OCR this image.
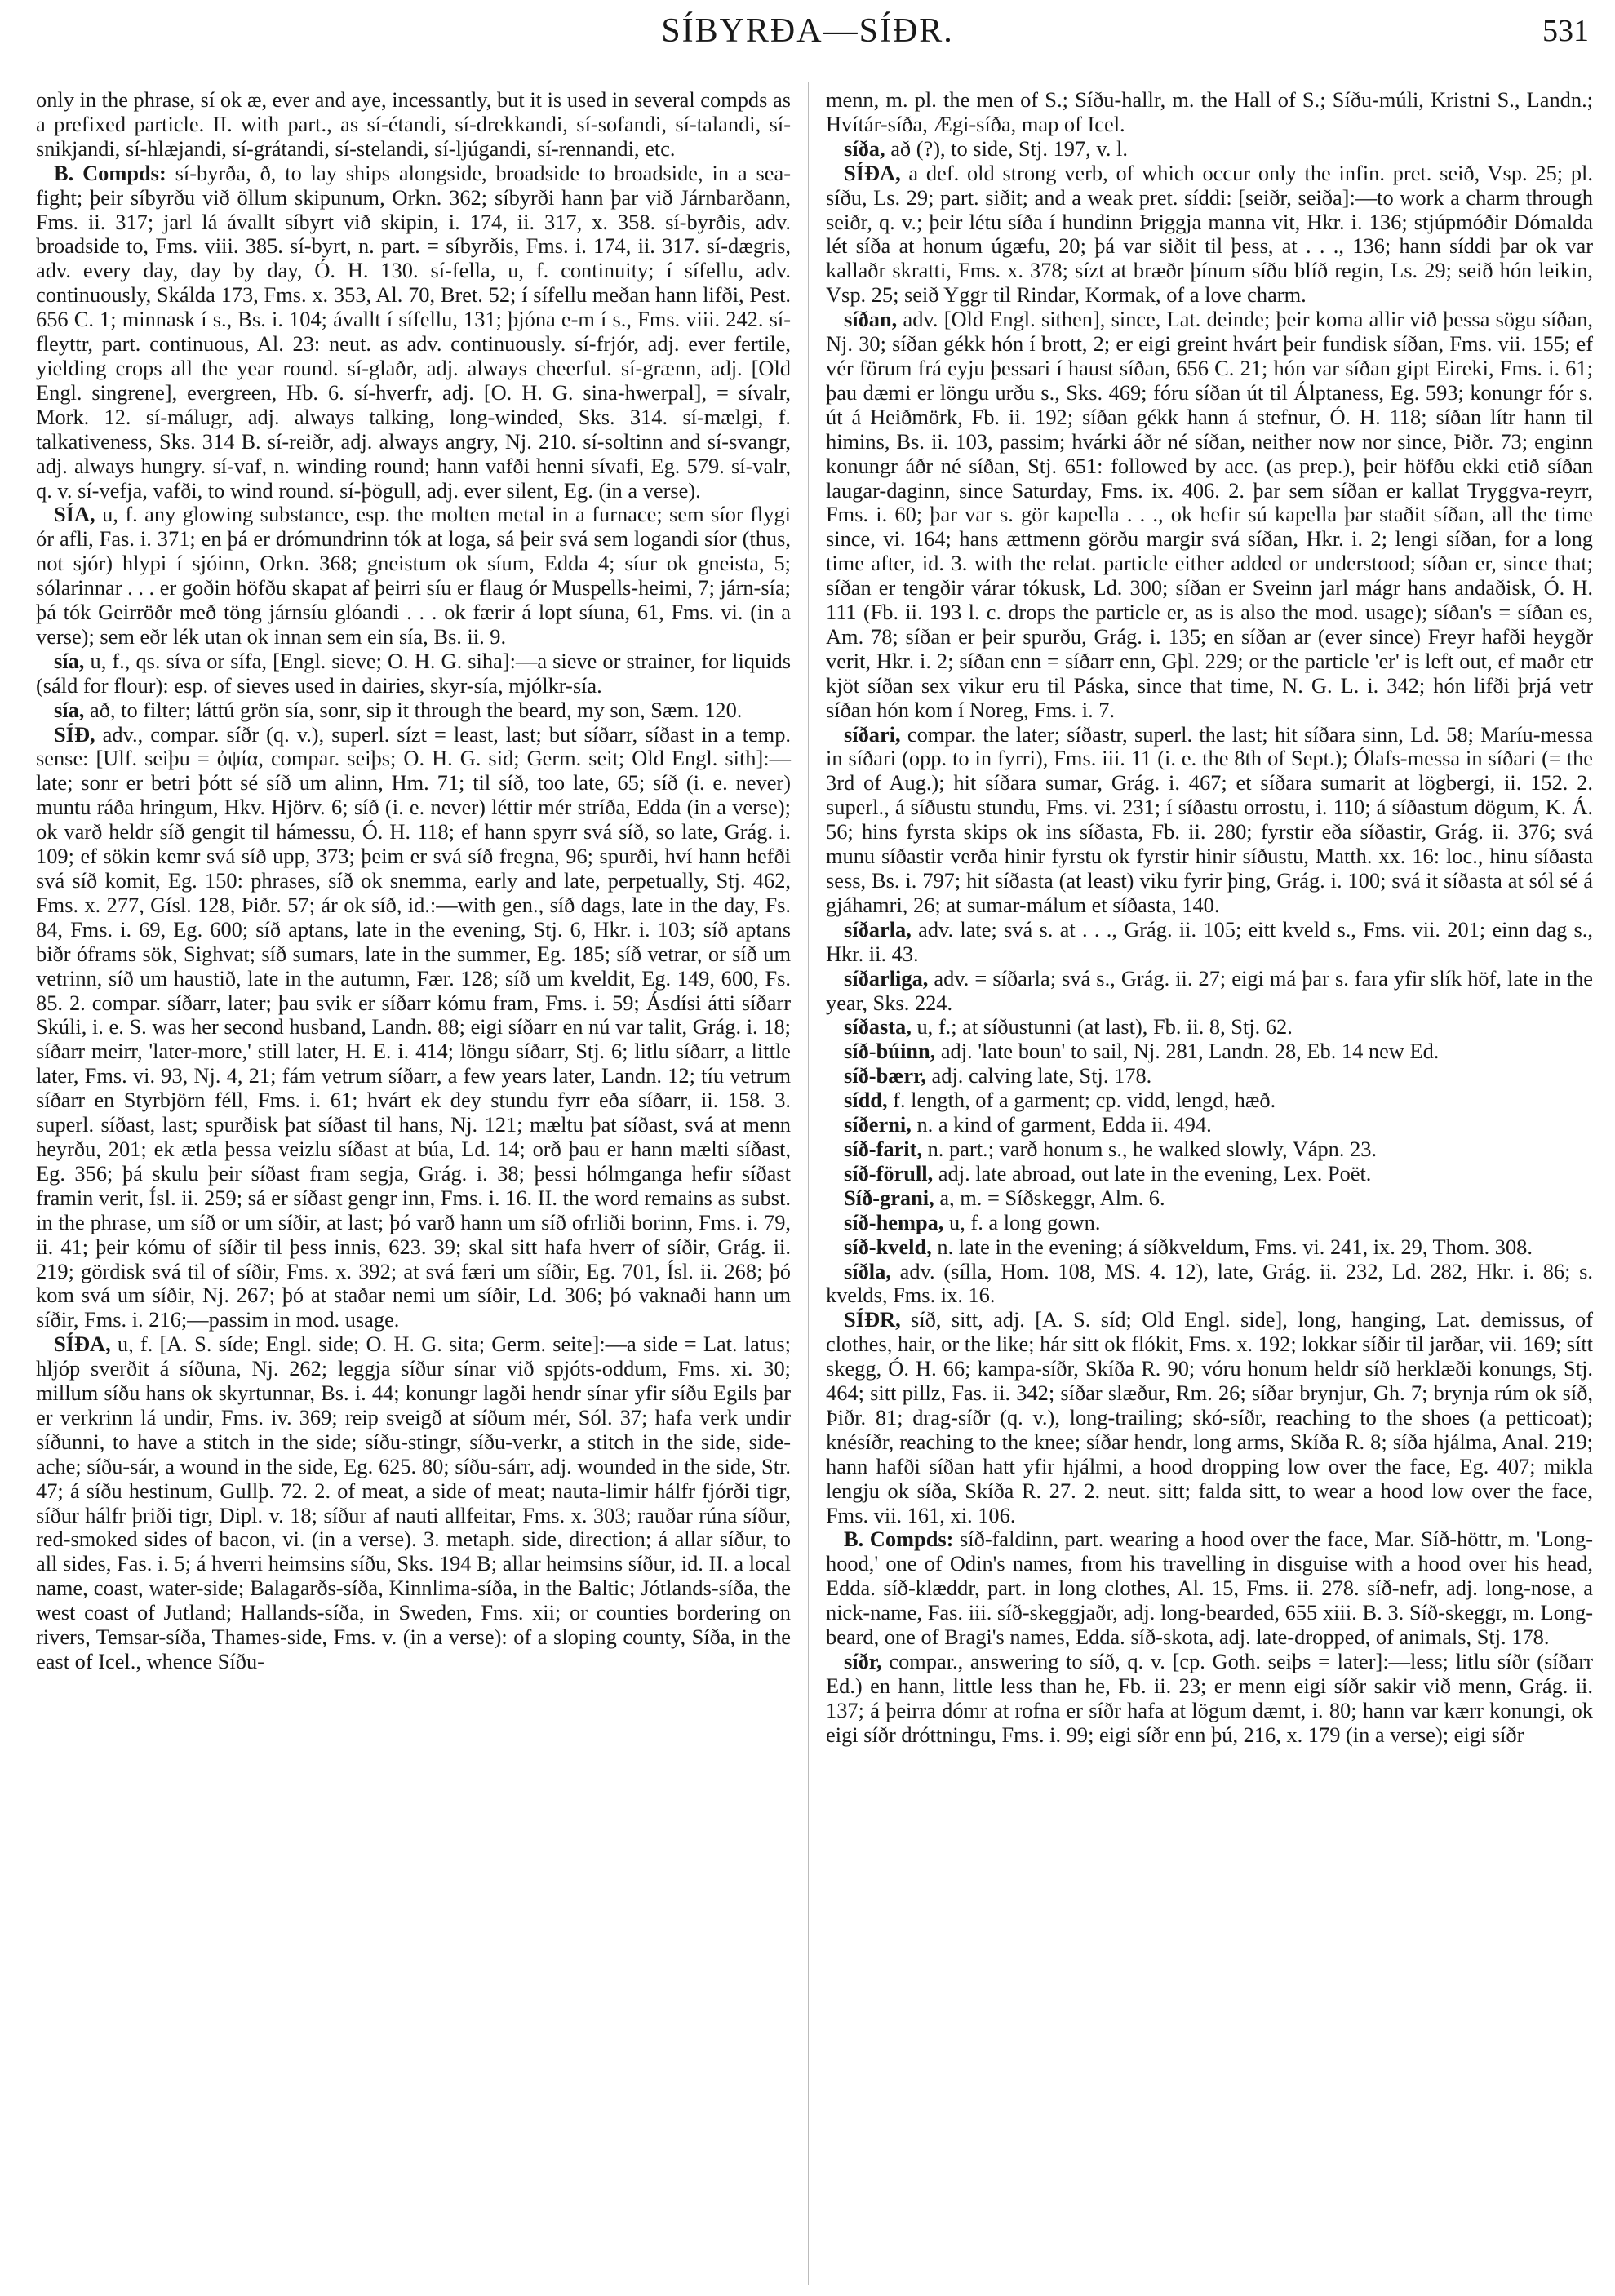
SÍBYRÐA—SÍÐR.	531

only in the phrase, sí ok æ, ever and aye, incessantly, but it is used in several compds as a prefixed particle. II. with part., as sí-étandi, sí-drekkandi, sí-sofandi, sí-talandi, sí-snikjandi, sí-hlæjandi, sí-grátandi, sí-stelandi, sí-ljúgandi, sí-rennandi, etc.

B. Compds: sí-byrða, ð, to lay ships alongside, broadside to broadside, in a sea-fight; þeir síbyrðu við öllum skipunum, Orkn. 362; síbyrði hann þar við Járnbarðann, Fms. ii. 317; jarl lá ávallt síbyrt við skipin, i. 174, ii. 317, x. 358. sí-byrðis, adv. broadside to, Fms. viii. 385. sí-byrt, n. part. = síbyrðis, Fms. i. 174, ii. 317. sí-dægris, adv. every day, day by day, Ó. H. 130. sí-fella, u, f. continuity; í sífellu, adv. continuously, Skálda 173, Fms. x. 353, Al. 70, Bret. 52; í sífellu meðan hann lifði, Pest. 656 C. 1; minnask í s., Bs. i. 104; ávallt í sífellu, 131; þjóna e-m í s., Fms. viii. 242. sí-fleyttr, part. continuous, Al. 23: neut. as adv. continuously. sí-frjór, adj. ever fertile, yielding crops all the year round. sí-glaðr, adj. always cheerful. sí-grænn, adj. [Old Engl. singrene], evergreen, Hb. 6. sí-hverfr, adj. [O. H. G. sina-hwerpal], = sívalr, Mork. 12. sí-málugr, adj. always talking, long-winded, Sks. 314. sí-mælgi, f. talkativeness, Sks. 314 B. sí-reiðr, adj. always angry, Nj. 210. sí-soltinn and sí-svangr, adj. always hungry. sí-vaf, n. winding round; hann vafði henni sívafi, Eg. 579. sí-valr, q. v. sí-vefja, vafði, to wind round. sí-þögull, adj. ever silent, Eg. (in a verse).

SÍA, u, f. any glowing substance, esp. the molten metal in a furnace; sem síor flygi ór afli, Fas. i. 371; en þá er drómundrinn tók at loga, sá þeir svá sem logandi síor (thus, not sjór) hlypi í sjóinn, Orkn. 368; gneistum ok síum, Edda 4; síur ok gneista, 5; sólarinnar . . . er goðin höfðu skapat af þeirri síu er flaug ór Muspells-heimi, 7; járn-sía; þá tók Geirröðr með töng járnsíu glóandi . . . ok færir á lopt síuna, 61, Fms. vi. (in a verse); sem eðr lék utan ok innan sem ein sía, Bs. ii. 9.

sía, u, f., qs. síva or sífa, [Engl. sieve; O. H. G. siha]:—a sieve or strainer, for liquids (sáld for flour): esp. of sieves used in dairies, skyr-sía, mjólkr-sía.

sía, að, to filter; láttú grön sía, sonr, sip it through the beard, my son, Sæm. 120.

SÍÐ, adv., compar. síðr (q. v.), superl. sízt = least, last; but síðarr, síðast in a temp. sense: [Ulf. seiþu = ὀψία, compar. seiþs; O. H. G. sid; Germ. seit; Old Engl. sith]:—late; sonr er betri þótt sé síð um alinn, Hm. 71; til síð, too late, 65; síð (i. e. never) muntu ráða hringum, Hkv. Hjörv. 6; síð (i. e. never) léttir mér stríða, Edda (in a verse); ok varð heldr síð gengit til hámessu, Ó. H. 118; ef hann spyrr svá síð, so late, Grág. i. 109; ef sökin kemr svá síð upp, 373; þeim er svá síð fregna, 96; spurði, hví hann hefði svá síð komit, Eg. 150: phrases, síð ok snemma, early and late, perpetually, Stj. 462, Fms. x. 277, Gísl. 128, Þiðr. 57; ár ok síð, id.:—with gen., síð dags, late in the day, Fs. 84, Fms. i. 69, Eg. 600; síð aptans, late in the evening, Stj. 6, Hkr. i. 103; síð aptans biðr óframs sök, Sighvat; síð sumars, late in the summer, Eg. 185; síð vetrar, or síð um vetrinn, síð um haustið, late in the autumn, Fær. 128; síð um kveldit, Eg. 149, 600, Fs. 85. 2. compar. síðarr, later; þau svik er síðarr kómu fram, Fms. i. 59; Ásdísi átti síðarr Skúli, i. e. S. was her second husband, Landn. 88; eigi síðarr en nú var talit, Grág. i. 18; síðarr meirr, 'later-more,' still later, H. E. i. 414; löngu síðarr, Stj. 6; litlu síðarr, a little later, Fms. vi. 93, Nj. 4, 21; fám vetrum síðarr, a few years later, Landn. 12; tíu vetrum síðarr en Styrbjörn féll, Fms. i. 61; hvárt ek dey stundu fyrr eða síðarr, ii. 158. 3. superl. síðast, last; spurðisk þat síðast til hans, Nj. 121; mæltu þat síðast, svá at menn heyrðu, 201; ek ætla þessa veizlu síðast at búa, Ld. 14; orð þau er hann mælti síðast, Eg. 356; þá skulu þeir síðast fram segja, Grág. i. 38; þessi hólmganga hefir síðast framin verit, Ísl. ii. 259; sá er síðast gengr inn, Fms. i. 16. II. the word remains as subst. in the phrase, um síð or um síðir, at last; þó varð hann um síð ofrliði borinn, Fms. i. 79, ii. 41; þeir kómu of síðir til þess innis, 623. 39; skal sitt hafa hverr of síðir, Grág. ii. 219; gördisk svá til of síðir, Fms. x. 392; at svá færi um síðir, Eg. 701, Ísl. ii. 268; þó kom svá um síðir, Nj. 267; þó at staðar nemi um síðir, Ld. 306; þó vaknaði hann um síðir, Fms. i. 216;—passim in mod. usage.

SÍÐA, u, f. [A. S. síde; Engl. side; O. H. G. sita; Germ. seite]:—a side = Lat. latus; hljóp sverðit á síðuna, Nj. 262; leggja síður sínar við spjóts-oddum, Fms. xi. 30; millum síðu hans ok skyrtunnar, Bs. i. 44; konungr lagði hendr sínar yfir síðu Egils þar er verkrinn lá undir, Fms. iv. 369; reip sveigð at síðum mér, Sól. 37; hafa verk undir síðunni, to have a stitch in the side; síðu-stingr, síðu-verkr, a stitch in the side, side-ache; síðu-sár, a wound in the side, Eg. 625. 80; síðu-sárr, adj. wounded in the side, Str. 47; á síðu hestinum, Gullþ. 72. 2. of meat, a side of meat; nauta-limir hálfr fjórði tigr, síður hálfr þriði tigr, Dipl. v. 18; síður af nauti allfeitar, Fms. x. 303; rauðar rúna síður, red-smoked sides of bacon, vi. (in a verse). 3. metaph. side, direction; á allar síður, to all sides, Fas. i. 5; á hverri heimsins síðu, Sks. 194 B; allar heimsins síður, id. II. a local name, coast, water-side; Balagarðs-síða, Kinnlima-síða, in the Baltic; Jótlands-síða, the west coast of Jutland; Hallands-síða, in Sweden, Fms. xii; or counties bordering on rivers, Temsar-síða, Thames-side, Fms. v. (in a verse): of a sloping county, Síða, in the east of Icel., whence Síðu-

menn, m. pl. the men of S.; Síðu-hallr, m. the Hall of S.; Síðu-múli, Kristni S., Landn.; Hvítár-síða, Ægi-síða, map of Icel.

síða, að (?), to side, Stj. 197, v. l.

SÍÐA, a def. old strong verb, of which occur only the infin. pret. seið, Vsp. 25; pl. síðu, Ls. 29; part. siðit; and a weak pret. síddi: [seiðr, seiða]:—to work a charm through seiðr, q. v.; þeir létu síða í hundinn Þriggja manna vit, Hkr. i. 136; stjúpmóðir Dómalda lét síða at honum úgæfu, 20; þá var siðit til þess, at . . ., 136; hann síddi þar ok var kallaðr skratti, Fms. x. 378; sízt at bræðr þínum síðu blíð regin, Ls. 29; seið hón leikin, Vsp. 25; seið Yggr til Rindar, Kormak, of a love charm.

síðan, adv. [Old Engl. sithen], since, Lat. deinde; þeir koma allir við þessa sögu síðan, Nj. 30; síðan gékk hón í brott, 2; er eigi greint hvárt þeir fundisk síðan, Fms. vii. 155; ef vér förum frá eyju þessari í haust síðan, 656 C. 21; hón var síðan gipt Eireki, Fms. i. 61; þau dæmi er löngu urðu s., Sks. 469; fóru síðan út til Álptaness, Eg. 593; konungr fór s. út á Heiðmörk, Fb. ii. 192; síðan gékk hann á stefnur, Ó. H. 118; síðan lítr hann til himins, Bs. ii. 103, passim; hvárki áðr né síðan, neither now nor since, Þiðr. 73; enginn konungr áðr né síðan, Stj. 651: followed by acc. (as prep.), þeir höfðu ekki etið síðan laugar-daginn, since Saturday, Fms. ix. 406. 2. þar sem síðan er kallat Tryggva-reyrr, Fms. i. 60; þar var s. gör kapella . . ., ok hefir sú kapella þar staðit síðan, all the time since, vi. 164; hans ættmenn görðu margir svá síðan, Hkr. i. 2; lengi síðan, for a long time after, id. 3. with the relat. particle either added or understood; síðan er, since that; síðan er tengðir várar tókusk, Ld. 300; síðan er Sveinn jarl mágr hans andaðisk, Ó. H. 111 (Fb. ii. 193 l. c. drops the particle er, as is also the mod. usage); síðan's = síðan es, Am. 78; síðan er þeir spurðu, Grág. i. 135; en síðan ar (ever since) Freyr hafði heygðr verit, Hkr. i. 2; síðan enn = síðarr enn, Gþl. 229; or the particle 'er' is left out, ef maðr etr kjöt síðan sex vikur eru til Páska, since that time, N. G. L. i. 342; hón lifði þrjá vetr síðan hón kom í Noreg, Fms. i. 7.

síðari, compar. the later; síðastr, superl. the last; hit síðara sinn, Ld. 58; Maríu-messa in síðari (opp. to in fyrri), Fms. iii. 11 (i. e. the 8th of Sept.); Ólafs-messa in síðari (= the 3rd of Aug.); hit síðara sumar, Grág. i. 467; et síðara sumarit at lögbergi, ii. 152. 2. superl., á síðustu stundu, Fms. vi. 231; í síðastu orrostu, i. 110; á síðastum dögum, K. Á. 56; hins fyrsta skips ok ins síðasta, Fb. ii. 280; fyrstir eða síðastir, Grág. ii. 376; svá munu síðastir verða hinir fyrstu ok fyrstir hinir síðustu, Matth. xx. 16: loc., hinu síðasta sess, Bs. i. 797; hit síðasta (at least) viku fyrir þing, Grág. i. 100; svá it síðasta at sól sé á gjáhamri, 26; at sumar-málum et síðasta, 140.

síðarla, adv. late; svá s. at . . ., Grág. ii. 105; eitt kveld s., Fms. vii. 201; einn dag s., Hkr. ii. 43.

síðarliga, adv. = síðarla; svá s., Grág. ii. 27; eigi má þar s. fara yfir slík höf, late in the year, Sks. 224.

síðasta, u, f.; at síðustunni (at last), Fb. ii. 8, Stj. 62.

síð-búinn, adj. 'late boun' to sail, Nj. 281, Landn. 28, Eb. 14 new Ed.

síð-bærr, adj. calving late, Stj. 178.

sídd, f. length, of a garment; cp. vidd, lengd, hæð.

síðerni, n. a kind of garment, Edda ii. 494.

síð-farit, n. part.; varð honum s., he walked slowly, Vápn. 23.

síð-förull, adj. late abroad, out late in the evening, Lex. Poët.

Síð-grani, a, m. = Síðskeggr, Alm. 6.

síð-hempa, u, f. a long gown.

síð-kveld, n. late in the evening; á síðkveldum, Fms. vi. 241, ix. 29, Thom. 308.

síðla, adv. (sílla, Hom. 108, MS. 4. 12), late, Grág. ii. 232, Ld. 282, Hkr. i. 86; s. kvelds, Fms. ix. 16.

SÍÐR, síð, sitt, adj. [A. S. síd; Old Engl. side], long, hanging, Lat. demissus, of clothes, hair, or the like; hár sitt ok flókit, Fms. x. 192; lokkar síðir til jarðar, vii. 169; sítt skegg, Ó. H. 66; kampa-síðr, Skíða R. 90; vóru honum heldr síð herklæði konungs, Stj. 464; sitt pillz, Fas. ii. 342; síðar slæður, Rm. 26; síðar brynjur, Gh. 7; brynja rúm ok síð, Þiðr. 81; drag-síðr (q. v.), long-trailing; skó-síðr, reaching to the shoes (a petticoat); knésíðr, reaching to the knee; síðar hendr, long arms, Skíða R. 8; síða hjálma, Anal. 219; hann hafði síðan hatt yfir hjálmi, a hood dropping low over the face, Eg. 407; mikla lengju ok síða, Skíða R. 27. 2. neut. sitt; falda sitt, to wear a hood low over the face, Fms. vii. 161, xi. 106.

B. Compds: síð-faldinn, part. wearing a hood over the face, Mar. Síð-höttr, m. 'Long-hood,' one of Odin's names, from his travelling in disguise with a hood over his head, Edda. síð-klæddr, part. in long clothes, Al. 15, Fms. ii. 278. síð-nefr, adj. long-nose, a nick-name, Fas. iii. síð-skeggjaðr, adj. long-bearded, 655 xiii. B. 3. Síð-skeggr, m. Long-beard, one of Bragi's names, Edda. síð-skota, adj. late-dropped, of animals, Stj. 178.

síðr, compar., answering to síð, q. v. [cp. Goth. seiþs = later]:—less; litlu síðr (síðarr Ed.) en hann, little less than he, Fb. ii. 23; er menn eigi síðr sakir við menn, Grág. ii. 137; á þeirra dómr at rofna er síðr hafa at lögum dæmt, i. 80; hann var kærr konungi, ok eigi síðr dróttningu, Fms. i. 99; eigi síðr enn þú, 216, x. 179 (in a verse); eigi síðr
